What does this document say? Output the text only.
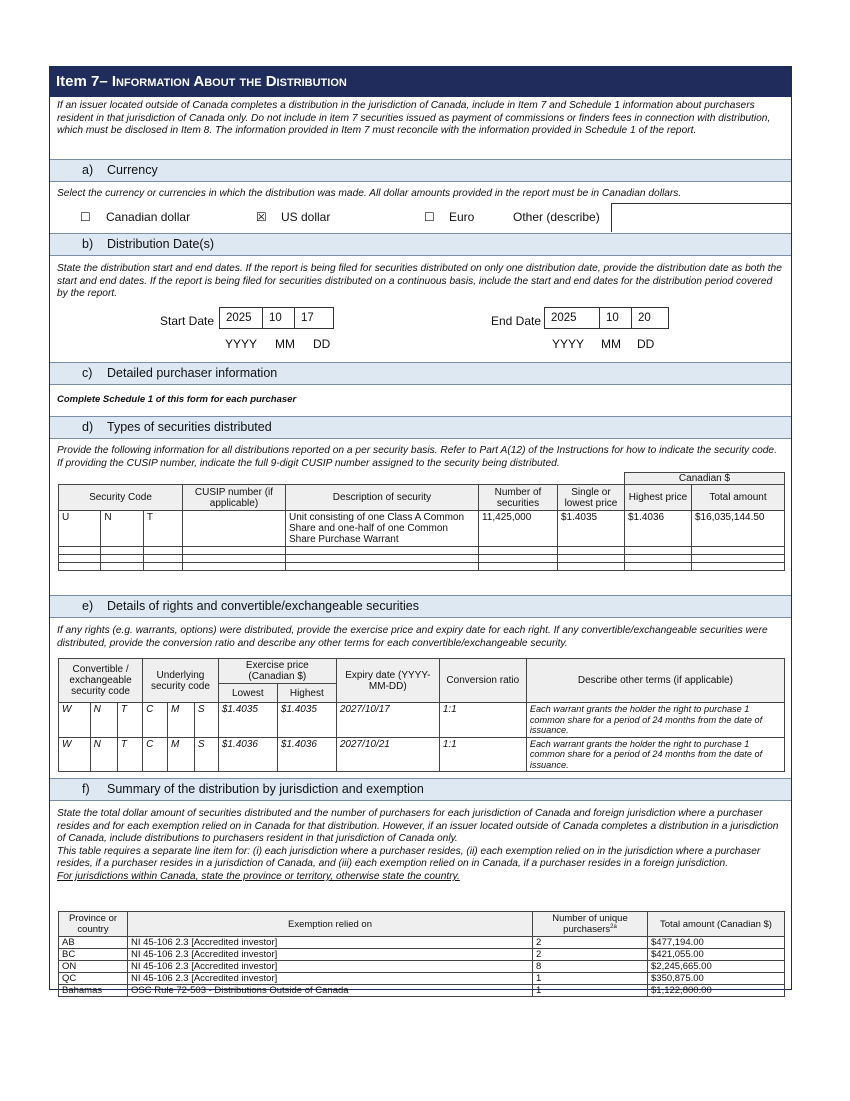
Item 7– Information About the Distribution
If an issuer located outside of Canada completes a distribution in the jurisdiction of Canada, include in Item 7 and Schedule 1 information about purchasers resident in that jurisdiction of Canada only. Do not include in item 7 securities issued as payment of commissions or finders fees in connection with distribution, which must be disclosed in Item 8. The information provided in Item 7 must reconcile with the information provided in Schedule 1 of the report.
a) Currency
Select the currency or currencies in which the distribution was made. All dollar amounts provided in the report must be in Canadian dollars.
☐ Canadian dollar	☒ US dollar	☐ Euro	Other (describe)
b) Distribution Date(s)
State the distribution start and end dates. If the report is being filed for securities distributed on only one distribution date, provide the distribution date as both the start and end dates. If the report is being filed for securities distributed on a continuous basis, include the start and end dates for the distribution period covered by the report.
Start Date	2025	10	17
YYYY MM DD
End Date 2025	10	20
YYYY MM DD
c) Detailed purchaser information
Complete Schedule 1 of this form for each purchaser
d) Types of securities distributed
Provide the following information for all distributions reported on a per security basis. Refer to Part A(12) of the Instructions for how to indicate the security code. If providing the CUSIP number, indicate the full 9-digit CUSIP number assigned to the security being distributed.
							Canadian $	
Security Code			CUSIP number (if applicable)	Description of security	Number of securities	Single or lowest price	Highest price	Total amount
U	N	T		Unit consisting of one Class A Common Share and one-half of one Common Share Purchase Warrant	11,425,000	$1.4035	$1.4036	$16,035,144.50

e) Details of rights and convertible/exchangeable securities
If any rights (e.g. warrants, options) were distributed, provide the exercise price and expiry date for each right. If any convertible/exchangeable securities were distributed, provide the conversion ratio and describe any other terms for each convertible/exchangeable security.
Convertible / exchangeable security code			Underlying security code			Exercise price (Canadian $)		Expiry date (YYYY-MM-DD)	Conversion ratio	Describe other terms (if applicable)
						Lowest	Highest			
W	N	T	C	M	S	$1.4035	$1.4035	2027/10/17	1:1	Each warrant grants the holder the right to purchase 1 common share for a period of 24 months from the date of issuance.
W	N	T	C	M	S	$1.4036	$1.4036	2027/10/21	1:1	Each warrant grants the holder the right to purchase 1 common share for a period of 24 months from the date of issuance.
f) Summary of the distribution by jurisdiction and exemption
State the total dollar amount of securities distributed and the number of purchasers for each jurisdiction of Canada and foreign jurisdiction where a purchaser resides and for each exemption relied on in Canada for that distribution. However, if an issuer located outside of Canada completes a distribution in a jurisdiction of Canada, include distributions to purchasers resident in that jurisdiction of Canada only.
This table requires a separate line item for: (i) each jurisdiction where a purchaser resides, (ii) each exemption relied on in the jurisdiction where a purchaser resides, if a purchaser resides in a jurisdiction of Canada, and (iii) each exemption relied on in Canada, if a purchaser resides in a foreign jurisdiction.
For jurisdictions within Canada, state the province or territory, otherwise state the country.
Province or country	Exemption relied on	Number of unique purchasers$^{2a}$	Total amount (Canadian $)
AB	NI 45-106 2.3 [Accredited investor]	2	$477,194.00
BC	NI 45-106 2.3 [Accredited investor]	2	$421,055.00
ON	NI 45-106 2.3 [Accredited investor]	8	$2,245,665.00
QC	NI 45-106 2.3 [Accredited investor]	1	$350,875.00
Bahamas	OSC Rule 72-503 - Distributions Outside of Canada	1	$1,122,800.00
